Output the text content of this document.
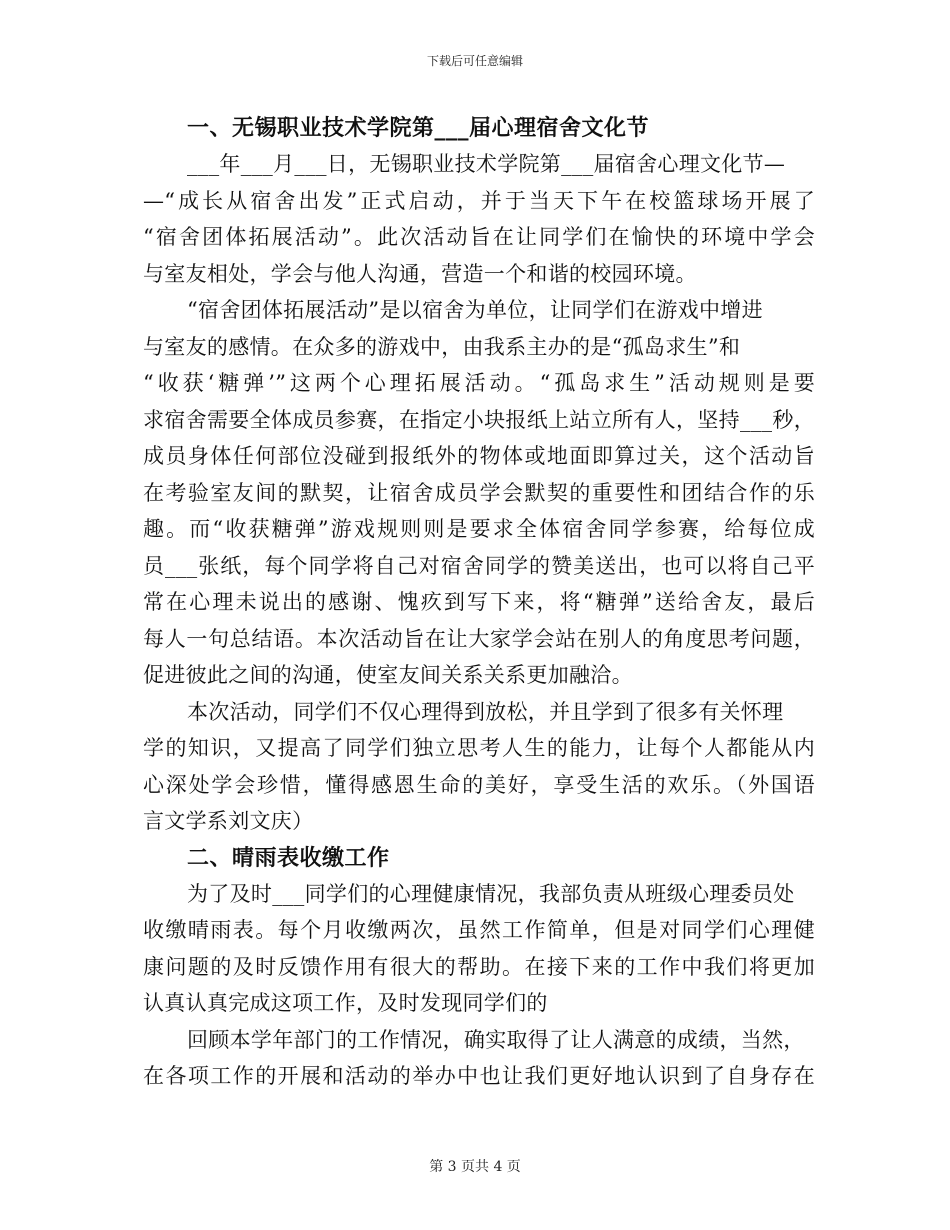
下载后可任意编辑
一、无锡职业技术学院第___届心理宿舍文化节
___年___月___日，无锡职业技术学院第___届宿舍心理文化节—
—“成长从宿舍出发”正式启动，并于当天下午在校篮球场开展了
“宿舍团体拓展活动”。此次活动旨在让同学们在愉快的环境中学会
与室友相处，学会与他人沟通，营造一个和谐的校园环境。
“宿舍团体拓展活动”是以宿舍为单位，让同学们在游戏中增进
与室友的感情。在众多的游戏中，由我系主办的是“孤岛求生”和
“收获‘糖弹’”这两个心理拓展活动。“孤岛求生”活动规则是要
求宿舍需要全体成员参赛，在指定小块报纸上站立所有人，坚持___秒，
成员身体任何部位没碰到报纸外的物体或地面即算过关，这个活动旨
在考验室友间的默契，让宿舍成员学会默契的重要性和团结合作的乐
趣。而“收获糖弹”游戏规则则是要求全体宿舍同学参赛，给每位成
员___张纸，每个同学将自己对宿舍同学的赞美送出，也可以将自己平
常在心理未说出的感谢、愧疚到写下来，将“糖弹”送给舍友，最后
每人一句总结语。本次活动旨在让大家学会站在别人的角度思考问题，
促进彼此之间的沟通，使室友间关系关系更加融洽。
本次活动，同学们不仅心理得到放松，并且学到了很多有关怀理
学的知识，又提高了同学们独立思考人生的能力，让每个人都能从内
心深处学会珍惜，懂得感恩生命的美好，享受生活的欢乐。（外国语
言文学系刘文庆）
二、晴雨表收缴工作
为了及时___同学们的心理健康情况，我部负责从班级心理委员处
收缴晴雨表。每个月收缴两次，虽然工作简单，但是对同学们心理健
康问题的及时反馈作用有很大的帮助。在接下来的工作中我们将更加
认真认真完成这项工作，及时发现同学们的
回顾本学年部门的工作情况，确实取得了让人满意的成绩，当然，
在各项工作的开展和活动的举办中也让我们更好地认识到了自身存在
第 3 页共 4 页
